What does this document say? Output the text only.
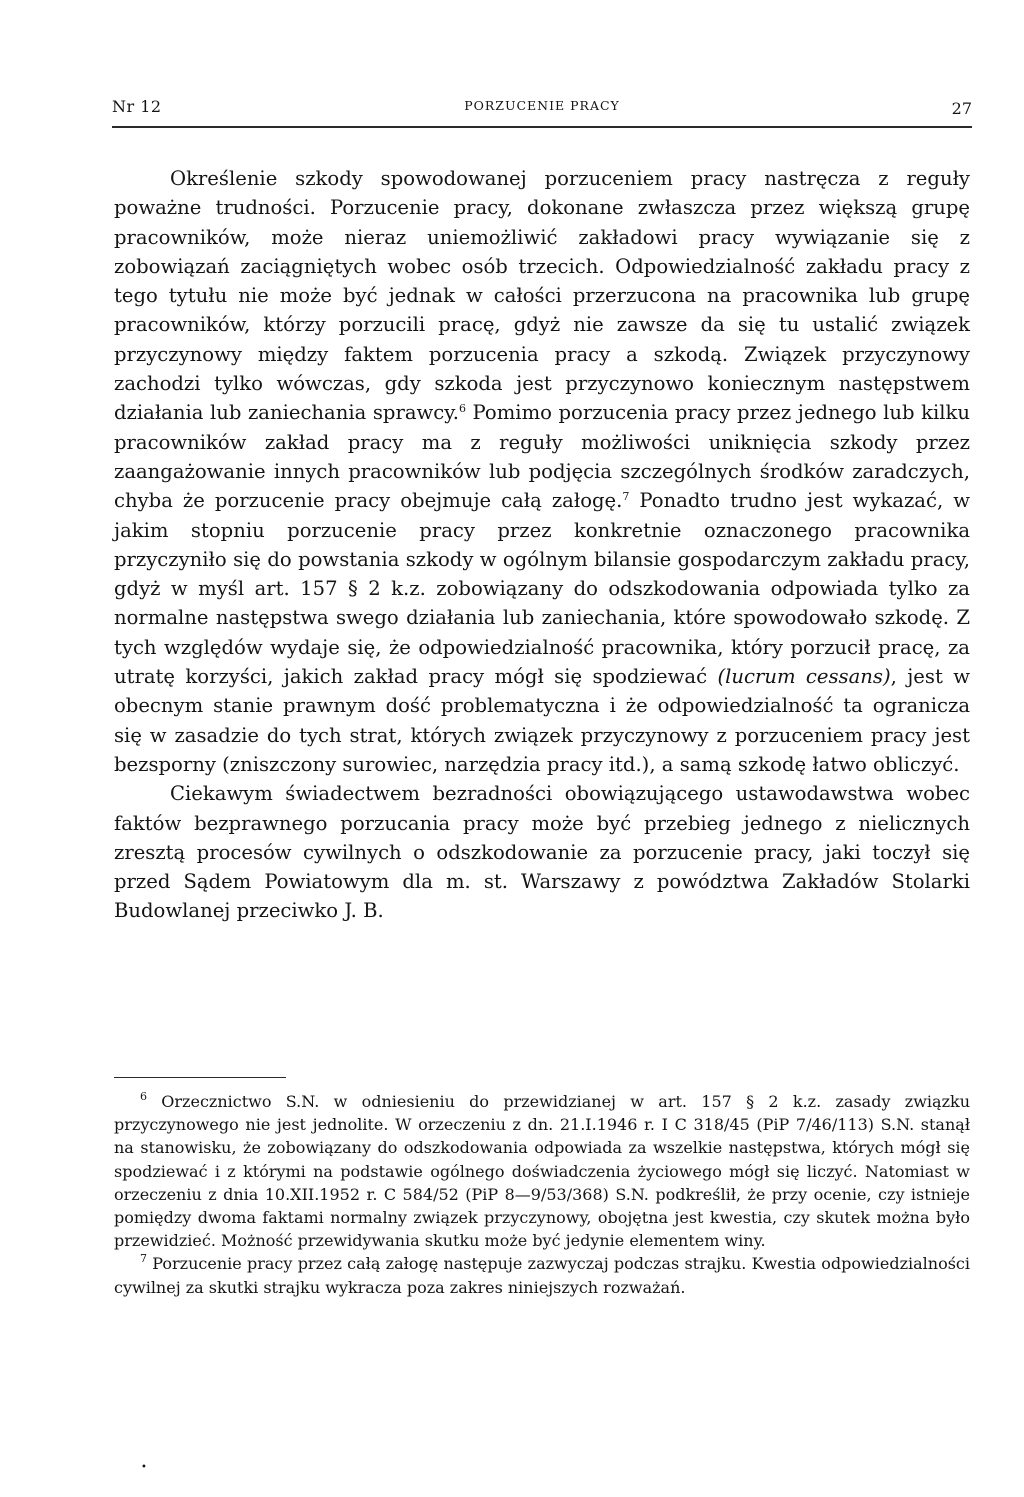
Nr 12	PORZUCENIE PRACY	27

Określenie szkody spowodowanej porzuceniem pracy nastręcza z reguły poważne trudności. Porzucenie pracy, dokonane zwłaszcza przez większą grupę pracowników, może nieraz uniemożliwić zakładowi pracy wywiązanie się z zobowiązań zaciągniętych wobec osób trzecich. Odpowiedzialność zakładu pracy z tego tytułu nie może być jednak w całości przerzucona na pracownika lub grupę pracowników, którzy porzucili pracę, gdyż nie zawsze da się tu ustalić związek przyczynowy między faktem porzucenia pracy a szkodą. Związek przyczynowy zachodzi tylko wówczas, gdy szkoda jest przyczynowo koniecznym następstwem działania lub zaniechania sprawcy.$^6$ Pomimo porzucenia pracy przez jednego lub kilku pracowników zakład pracy ma z reguły możliwości uniknięcia szkody przez zaangażowanie innych pracowników lub podjęcia szczególnych środków zaradczych, chyba że porzucenie pracy obejmuje całą załogę.$^7$ Ponadto trudno jest wykazać, w jakim stopniu porzucenie pracy przez konkretnie oznaczonego pracownika przyczyniło się do powstania szkody w ogólnym bilansie gospodarczym zakładu pracy, gdyż w myśl art. 157 § 2 k.z. zobowiązany do odszkodowania odpowiada tylko za normalne następstwa swego działania lub zaniechania, które spowodowało szkodę. Z tych względów wydaje się, że odpowiedzialność pracownika, który porzucił pracę, za utratę korzyści, jakich zakład pracy mógł się spodziewać (lucrum cessans), jest w obecnym stanie prawnym dość problematyczna i że odpowiedzialność ta ogranicza się w zasadzie do tych strat, których związek przyczynowy z porzuceniem pracy jest bezsporny (zniszczony surowiec, narzędzia pracy itd.), a samą szkodę łatwo obliczyć.

Ciekawym świadectwem bezradności obowiązującego ustawodawstwa wobec faktów bezprawnego porzucania pracy może być przebieg jednego z nielicznych zresztą procesów cywilnych o odszkodowanie za porzucenie pracy, jaki toczył się przed Sądem Powiatowym dla m. st. Warszawy z powództwa Zakładów Stolarki Budowlanej przeciwko J. B.

$^6$ Orzecznictwo S.N. w odniesieniu do przewidzianej w art. 157 § 2 k.z. zasady związku przyczynowego nie jest jednolite. W orzeczeniu z dn. 21.I.1946 r. I C 318/45 (PiP 7/46/113) S.N. stanął na stanowisku, że zobowiązany do odszkodowania odpowiada za wszelkie następstwa, których mógł się spodziewać i z którymi na podstawie ogólnego doświadczenia życiowego mógł się liczyć. Natomiast w orzeczeniu z dnia 10.XII.1952 r. C 584/52 (PiP 8—9/53/368) S.N. podkreślił, że przy ocenie, czy istnieje pomiędzy dwoma faktami normalny związek przyczynowy, obojętna jest kwestia, czy skutek można było przewidzieć. Możność przewidywania skutku może być jedynie elementem winy.

$^7$ Porzucenie pracy przez całą załogę następuje zazwyczaj podczas strajku. Kwestia odpowiedzialności cywilnej za skutki strajku wykracza poza zakres niniejszych rozważań.

•
